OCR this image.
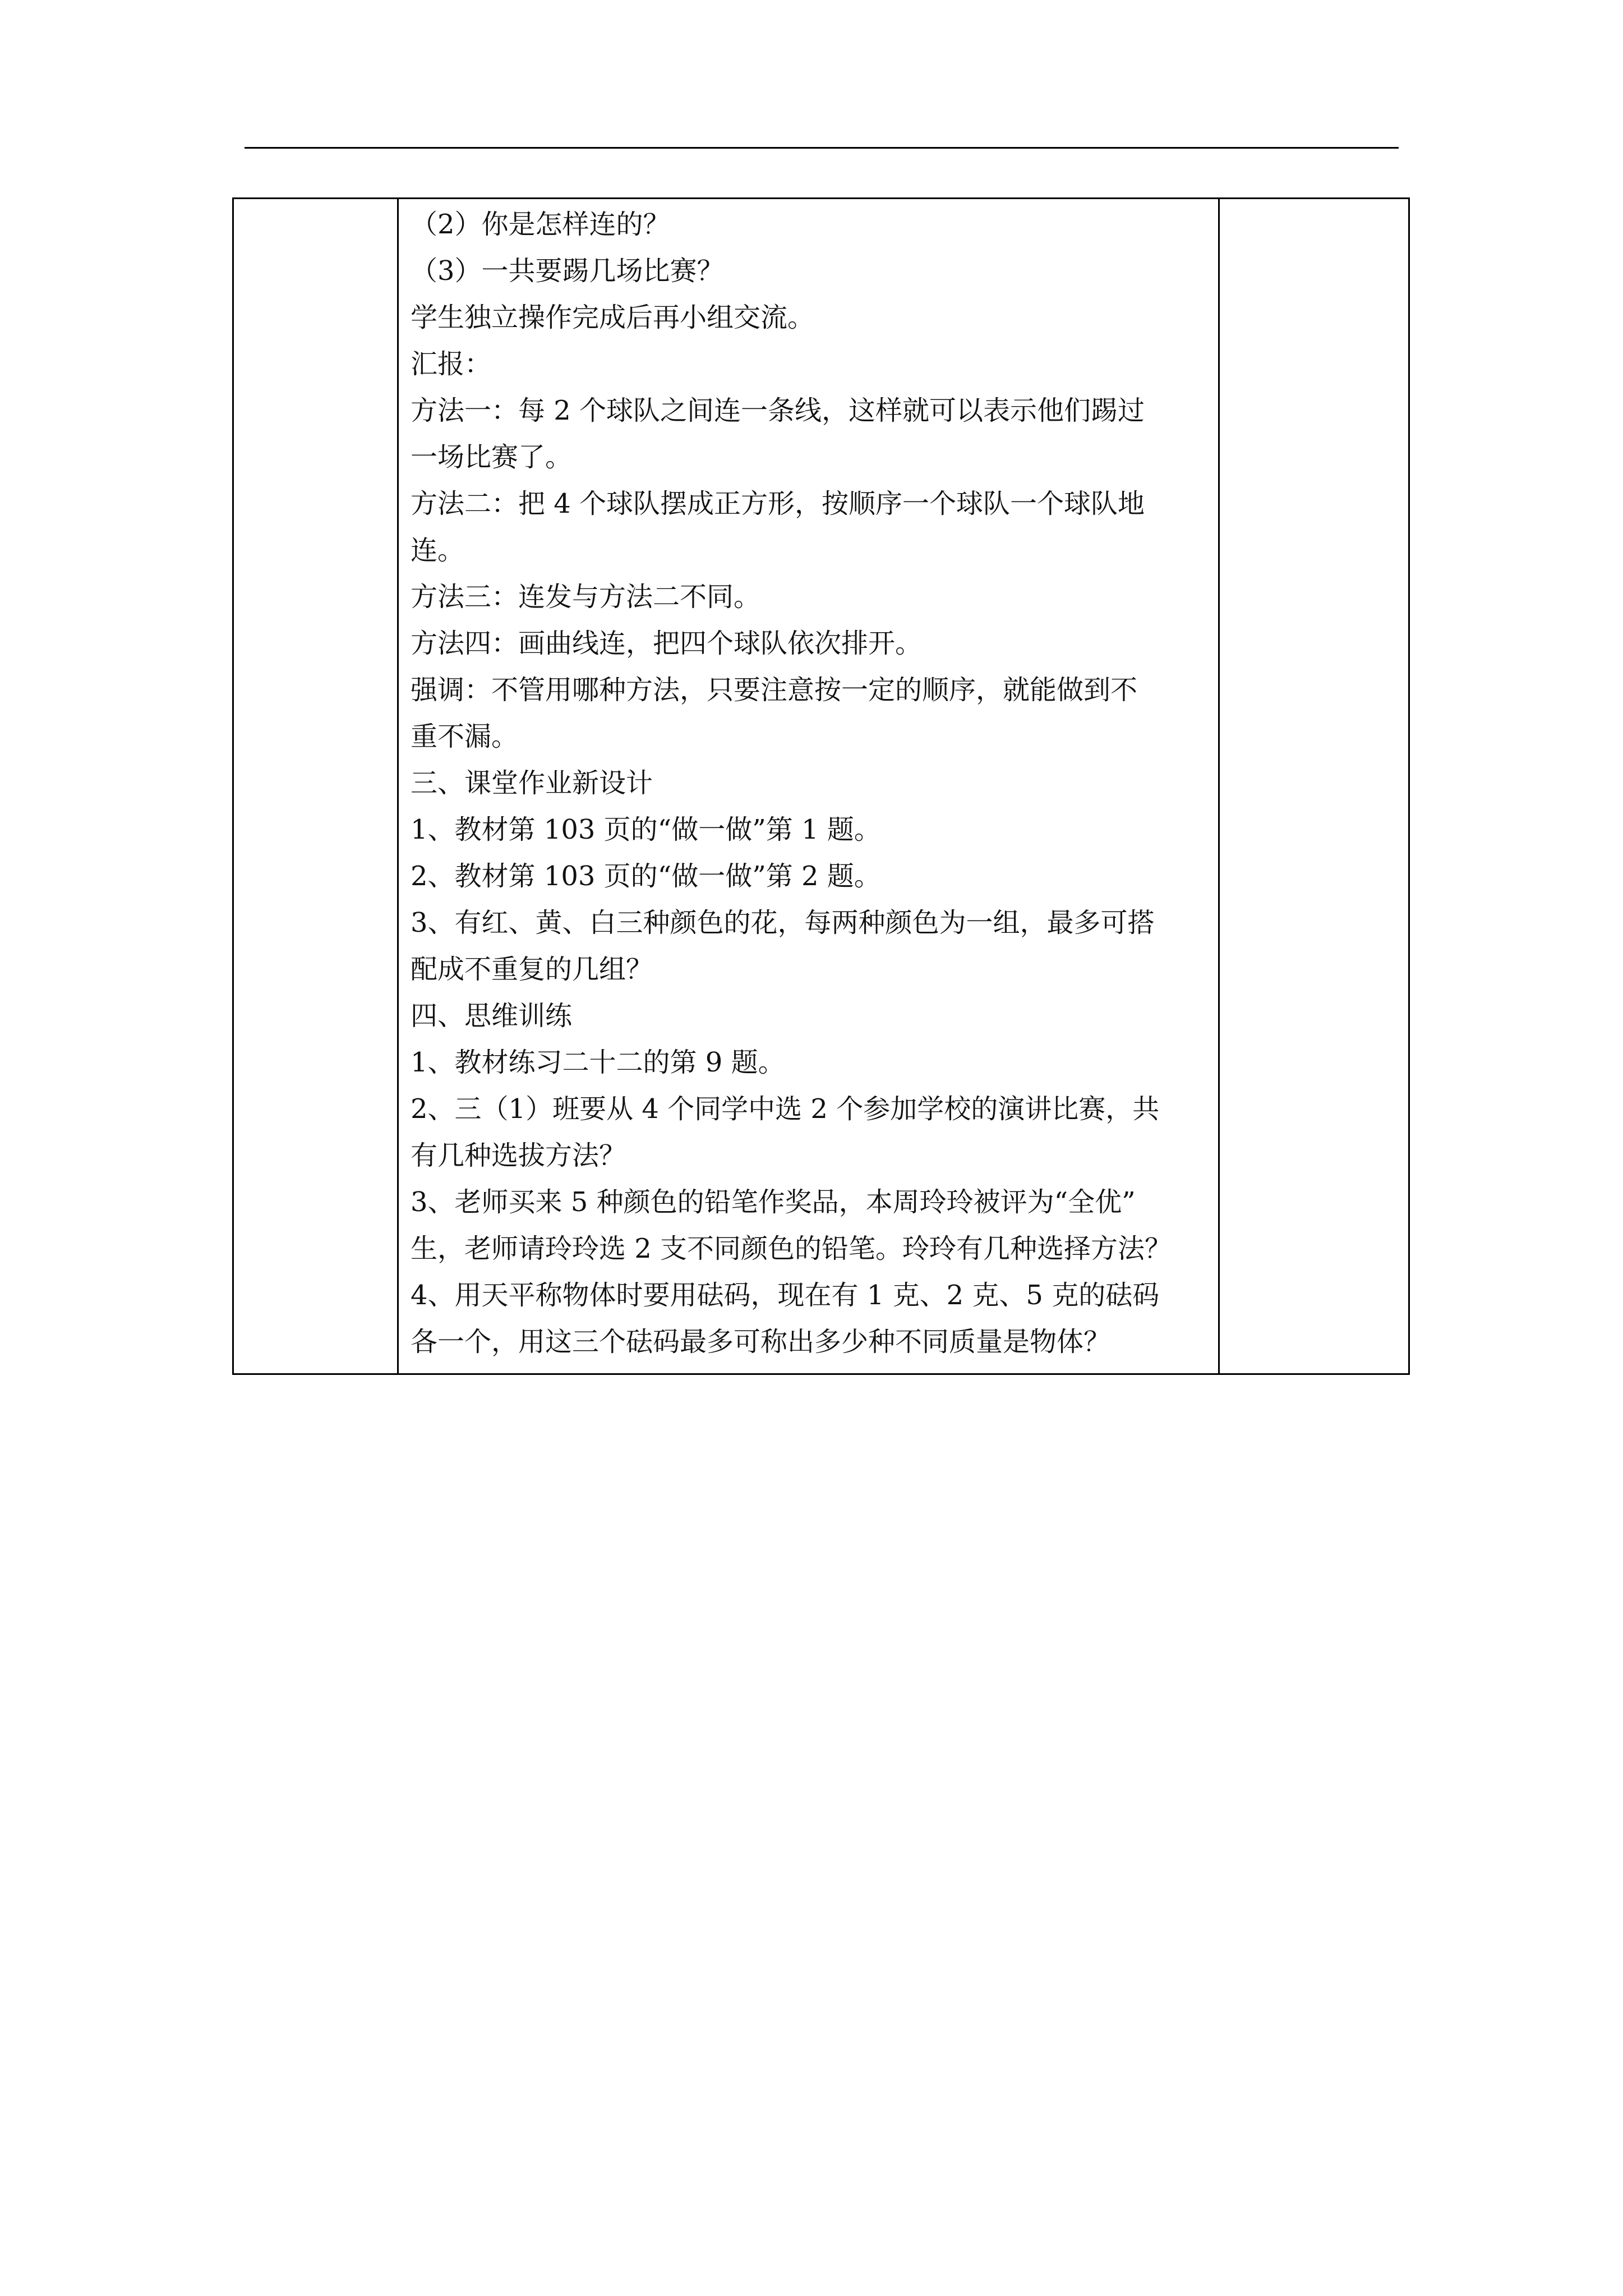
（2）你是怎样连的？
（3）一共要踢几场比赛？
学生独立操作完成后再小组交流。
汇报：
方法一：每 2 个球队之间连一条线，这样就可以表示他们踢过
一场比赛了。
方法二：把 4 个球队摆成正方形，按顺序一个球队一个球队地
连。
方法三：连发与方法二不同。
方法四：画曲线连，把四个球队依次排开。
强调：不管用哪种方法，只要注意按一定的顺序，就能做到不
重不漏。
三、课堂作业新设计
1、教材第 103 页的“做一做”第 1 题。
2、教材第 103 页的“做一做”第 2 题。
3、有红、黄、白三种颜色的花，每两种颜色为一组，最多可搭
配成不重复的几组？
四、思维训练
1、教材练习二十二的第 9 题。
2、三（1）班要从 4 个同学中选 2 个参加学校的演讲比赛，共
有几种选拔方法？
3、老师买来 5 种颜色的铅笔作奖品，本周玲玲被评为“全优”
生，老师请玲玲选 2 支不同颜色的铅笔。玲玲有几种选择方法？
4、用天平称物体时要用砝码，现在有 1 克、2 克、5 克的砝码
各一个，用这三个砝码最多可称出多少种不同质量是物体？
